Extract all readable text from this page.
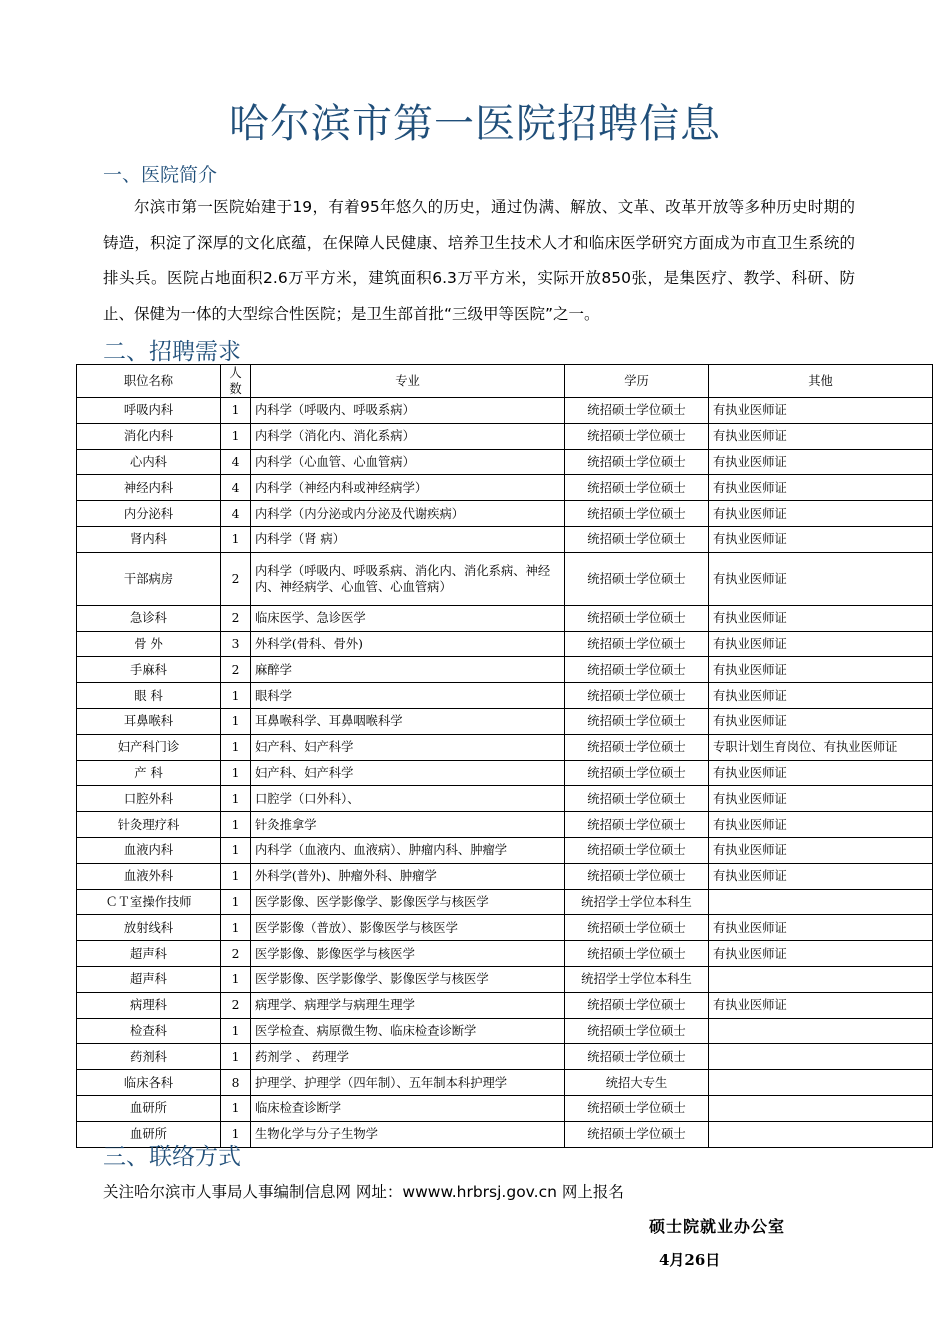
哈尔滨市第一医院招聘信息
一、医院简介
尔滨市第一医院始建于19，有着95年悠久的历史，通过伪满、解放、文革、改革开放等多种历史时期的铸造，积淀了深厚的文化底蕴，在保障人民健康、培养卫生技术人才和临床医学研究方面成为市直卫生系统的排头兵。医院占地面积2.6万平方米，建筑面积6.3万平方米，实际开放850张，是集医疗、教学、科研、防止、保健为一体的大型综合性医院；是卫生部首批“三级甲等医院”之一。
二、招聘需求
职位名称	人数	专业	学历	其他
呼吸内科	1	内科学（呼吸内、呼吸系病）	统招硕士学位硕士	有执业医师证
消化内科	1	内科学（消化内、消化系病）	统招硕士学位硕士	有执业医师证
心内科	4	内科学（心血管、心血管病）	统招硕士学位硕士	有执业医师证
神经内科	4	内科学（神经内科或神经病学）	统招硕士学位硕士	有执业医师证
内分泌科	4	内科学（内分泌或内分泌及代谢疾病）	统招硕士学位硕士	有执业医师证
肾内科	1	内科学（肾 病）	统招硕士学位硕士	有执业医师证
干部病房	2	内科学（呼吸内、呼吸系病、消化内、消化系病、神经内、神经病学、心血管、心血管病）	统招硕士学位硕士	有执业医师证
急诊科	2	临床医学、急诊医学	统招硕士学位硕士	有执业医师证
骨 外	3	外科学(骨科、骨外)	统招硕士学位硕士	有执业医师证
手麻科	2	麻醉学	统招硕士学位硕士	有执业医师证
眼 科	1	眼科学	统招硕士学位硕士	有执业医师证
耳鼻喉科	1	耳鼻喉科学、耳鼻咽喉科学	统招硕士学位硕士	有执业医师证
妇产科门诊	1	妇产科、妇产科学	统招硕士学位硕士	专职计划生育岗位、有执业医师证
产 科	1	妇产科、妇产科学	统招硕士学位硕士	有执业医师证
口腔外科	1	口腔学（口外科）、	统招硕士学位硕士	有执业医师证
针灸理疗科	1	针灸推拿学	统招硕士学位硕士	有执业医师证
血液内科	1	内科学（血液内、血液病）、肿瘤内科、肿瘤学	统招硕士学位硕士	有执业医师证
血液外科	1	外科学(普外)、肿瘤外科、肿瘤学	统招硕士学位硕士	有执业医师证
ＣＴ室操作技师	1	医学影像、医学影像学、影像医学与核医学	统招学士学位本科生	
放射线科	1	医学影像（普放）、影像医学与核医学	统招硕士学位硕士	有执业医师证
超声科	2	医学影像、影像医学与核医学	统招硕士学位硕士	有执业医师证
超声科	1	医学影像、医学影像学、影像医学与核医学	统招学士学位本科生	
病理科	2	病理学、病理学与病理生理学	统招硕士学位硕士	有执业医师证
检查科	1	医学检查、病原微生物、临床检查诊断学	统招硕士学位硕士	
药剂科	1	药剂学 、 药理学	统招硕士学位硕士	
临床各科	8	护理学、护理学（四年制）、五年制本科护理学	统招大专生	
血研所	1	临床检查诊断学	统招硕士学位硕士	
血研所	1	生物化学与分子生物学	统招硕士学位硕士	
三、联络方式
关注哈尔滨市人事局人事编制信息网 网址：wwww.hrbrsj.gov.cn 网上报名
硕士院就业办公室
4月26日
